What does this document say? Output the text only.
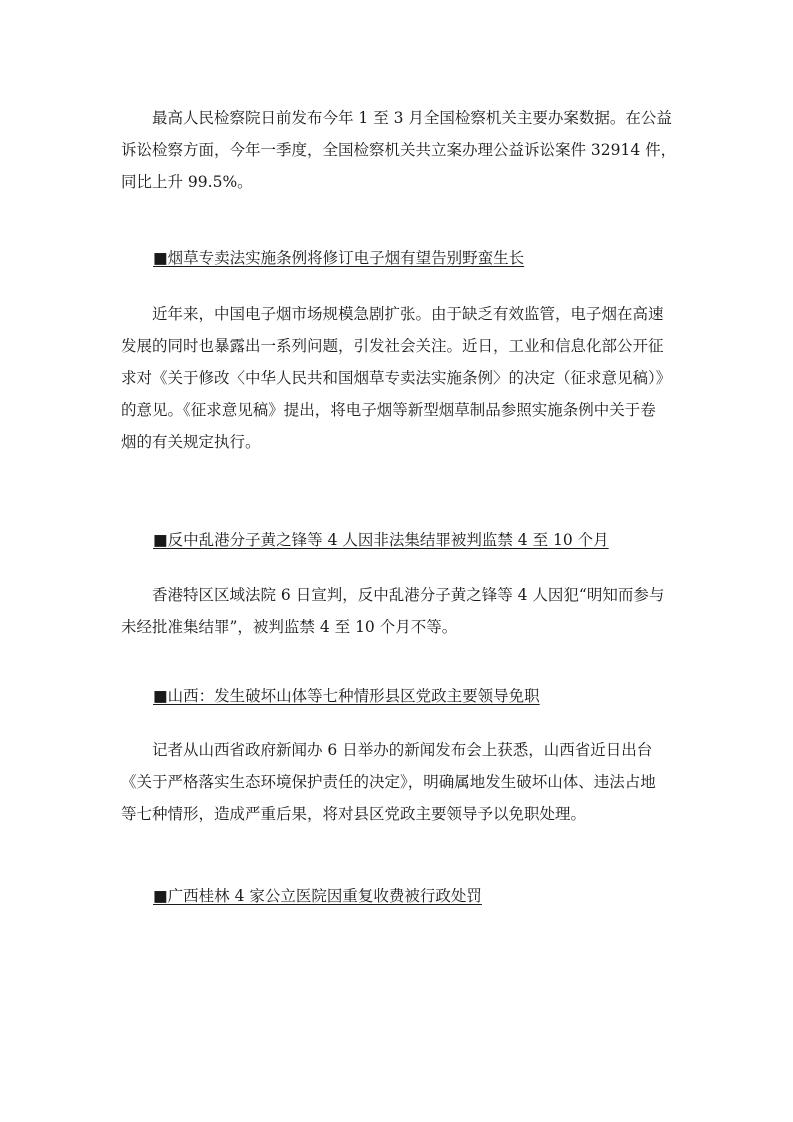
最高人民检察院日前发布今年 1 至 3 月全国检察机关主要办案数据。在公益
诉讼检察方面，今年一季度，全国检察机关共立案办理公益诉讼案件 32914 件，
同比上升 99.5%。

■烟草专卖法实施条例将修订电子烟有望告别野蛮生长

近年来，中国电子烟市场规模急剧扩张。由于缺乏有效监管，电子烟在高速
发展的同时也暴露出一系列问题，引发社会关注。近日，工业和信息化部公开征
求对《关于修改〈中华人民共和国烟草专卖法实施条例〉的决定（征求意见稿）》
的意见。《征求意见稿》提出，将电子烟等新型烟草制品参照实施条例中关于卷
烟的有关规定执行。

■反中乱港分子黄之锋等 4 人因非法集结罪被判监禁 4 至 10 个月

香港特区区域法院 6 日宣判，反中乱港分子黄之锋等 4 人因犯“明知而参与
未经批准集结罪”，被判监禁 4 至 10 个月不等。

■山西：发生破坏山体等七种情形县区党政主要领导免职

记者从山西省政府新闻办 6 日举办的新闻发布会上获悉，山西省近日出台
《关于严格落实生态环境保护责任的决定》，明确属地发生破坏山体、违法占地
等七种情形，造成严重后果，将对县区党政主要领导予以免职处理。

■广西桂林 4 家公立医院因重复收费被行政处罚
